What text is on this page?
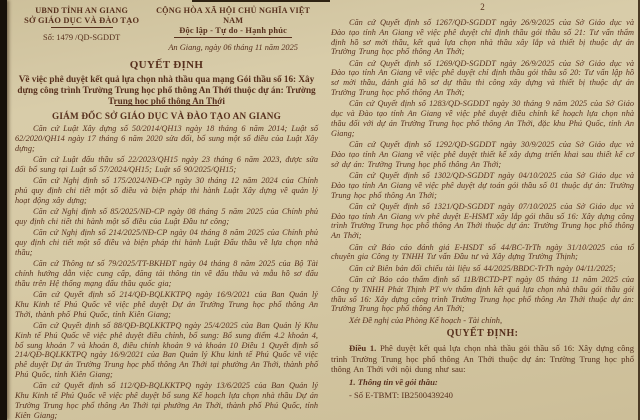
UBND TỈNH AN GIANG
SỞ GIÁO DỤC VÀ ĐÀO TẠO
Số: 1479 /QD-SGDDT
CỘNG HÒA XÃ HỘI CHỦ NGHĨA VIỆT NAM
Độc lập - Tự do - Hạnh phúc
An Giang, ngày 06 tháng 11 năm 2025
QUYẾT ĐỊNH
Về việc phê duyệt kết quả lựa chọn nhà thầu qua mạng Gói thầu số 16: Xây dựng công trình Trường Trung học phổ thông An Thới thuộc dự án: Trường Trung học phổ thông An Thới
GIÁM ĐỐC SỞ GIÁO DỤC VÀ ĐÀO TẠO AN GIANG

Căn cứ Luật Xây dựng số 50/2014/QH13 ngày 18 tháng 6 năm 2014; Luật số 62/2020/QH14 ngày 17 tháng 6 năm 2020 sửa đổi, bổ sung một số điều của Luật Xây dựng;

Căn cứ Luật đấu thầu số 22/2023/QH15 ngày 23 tháng 6 năm 2023, được sửa đổi bổ sung tại Luật số 57/2024/QH15; Luật số 90/2025/QH15;

Căn cứ Nghị định số 175/2024/NĐ-CP ngày 30 tháng 12 năm 2024 của Chính phủ quy định chi tiết một số điều và biện pháp thi hành Luật Xây dựng về quản lý hoạt động xây dựng;

Căn cứ Nghị định số 85/2025/NĐ-CP ngày 08 tháng 5 năm 2025 của Chính phủ quy định chi tiết thi hành một số điều của Luật Đầu tư công;

Căn cứ Nghị định số 214/2025/NĐ-CP ngày 04 tháng 8 năm 2025 của Chính phủ quy định chi tiết một số điều và biện pháp thi hành Luật Đấu thầu về lựa chọn nhà thầu;

Căn cứ Thông tư số 79/2025/TT-BKHĐT ngày 04 tháng 8 năm 2025 của Bộ Tài chính hướng dẫn việc cung cấp, đăng tải thông tin về đấu thầu và mẫu hồ sơ đấu thầu trên Hệ thống mạng đấu thầu quốc gia;

Căn cứ Quyết định số 214/QĐ-BQLKKTPQ ngày 16/9/2021 của Ban Quản lý Khu Kinh tế Phú Quốc về việc phê duyệt Dự án Trường Trung học phổ thông An Thới, thành phố Phú Quốc, tỉnh Kiên Giang;

Căn cứ Quyết định số 88/QĐ-BQLKKTPQ ngày 25/4/2025 của Ban Quản lý Khu Kinh tế Phú Quốc về việc phê duyệt điều chỉnh, bổ sung: Bổ sung điểm 4.2 khoản 4, bổ sung khoản 7 và khoản 8, điều chỉnh khoản 9 và khoản 10 Điều 1 Quyết định số 214/QĐ-BQLKKTPQ ngày 16/9/2021 của Ban Quản lý Khu kinh tế Phú Quốc về việc phê duyệt Dự án Trường Trung học phổ thông An Thới tại phường An Thới, thành phố Phú Quốc, tỉnh Kiên Giang;

Căn cứ Quyết định số 112/QĐ-BQLKKTPQ ngày 13/6/2025 của Ban Quản lý Khu Kinh tế Phú Quốc về việc phê duyệt bổ sung Kế hoạch lựa chọn nhà thầu Dự án Trường Trung học phổ thông An Thới tại phường An Thới, thành phố Phú Quốc, tỉnh Kiên Giang;

2

Căn cứ Quyết định số 1267/QD-SGDDT ngày 26/9/2025 của Sở Giáo dục và Đào tạo tỉnh An Giang về việc phê duyệt chỉ định thầu gói thầu số 21: Tư vấn thẩm định hồ sơ mời thầu, kết quả lựa chọn nhà thầu xây lắp và thiết bị thuộc dự án Trường Trung học phổ thông An Thới;

Căn cứ Quyết định số 1269/QD-SGDDT ngày 26/9/2025 của Sở Giáo dục và Đào tạo tỉnh An Giang về việc phê duyệt chỉ định thầu gói thầu số 20: Tư vấn lập hồ sơ mời thầu, đánh giá hồ sơ dự thầu thi công xây dựng và thiết bị thuộc dự án Trường Trung học phổ thông An Thới;

Căn cứ Quyết định số 1283/QD-SGDDT ngày 30 tháng 9 năm 2025 của Sở Giáo dục và Đào tạo tỉnh An Giang về việc phê duyệt điều chỉnh kế hoạch lựa chọn nhà thầu đối với dự án Trường Trung học phổ thông An Thới, đặc khu Phú Quốc, tỉnh An Giang;

Căn cứ Quyết định số 1292/QD-SGDDT ngày 30/9/2025 của Sở Giáo dục và Đào tạo tỉnh An Giang về việc phê duyệt thiết kế xây dựng triển khai sau thiết kế cơ sở dự án: Trường Trung học phổ thông An Thới;

Căn cứ Quyết định số 1302/QD-SGDDT ngày 04/10/2025 của Sở Giáo dục và Đào tạo tỉnh An Giang về việc phê duyệt dự toán gói thầu số 01 thuộc dự án: Trường Trung học phổ thông An Thới;

Căn cứ Quyết định số 1321/QD-SGDDT ngày 07/10/2025 của Sở Giáo dục và Đào tạo tỉnh An Giang v/v phê duyệt E-HSMT xây lắp gói thầu số 16: Xây dựng công trình Trường Trung học phổ thông An Thới thuộc dự án: Trường Trung học phổ thông An Thới;

Căn cứ Báo cáo đánh giá E-HSDT số 44/BC-TrTh ngày 31/10/2025 của tổ chuyên gia Công ty TNHH Tư vấn Đầu tư và Xây dựng Trường Thịnh;

Căn cứ Biên bản đối chiếu tài liệu số 44/2025/BBDC-TrTh ngày 04/11/2025;

Căn cứ Báo cáo thẩm định số 11B/BCTD-PT ngày 05 tháng 11 năm 2025 của Công ty TNHH Phát Thịnh PT v/v thẩm định kết quả lựa chọn nhà thầu gói thầu gói thầu số 16: Xây dựng công trình Trường Trung học phổ thông An Thới thuộc dự án: Trường Trung học phổ thông An Thới;

Xét Đề nghị của Phòng Kế hoạch - Tài chính,

QUYẾT ĐỊNH:

Điều 1. Phê duyệt kết quả lựa chọn nhà thầu gói thầu số 16: Xây dựng công trình Trường Trung học phổ thông An Thới thuộc dự án: Trường Trung học phổ thông An Thới với nội dung như sau:

1. Thông tin về gói thầu:

- Số E-TBMT: IB2500439240
